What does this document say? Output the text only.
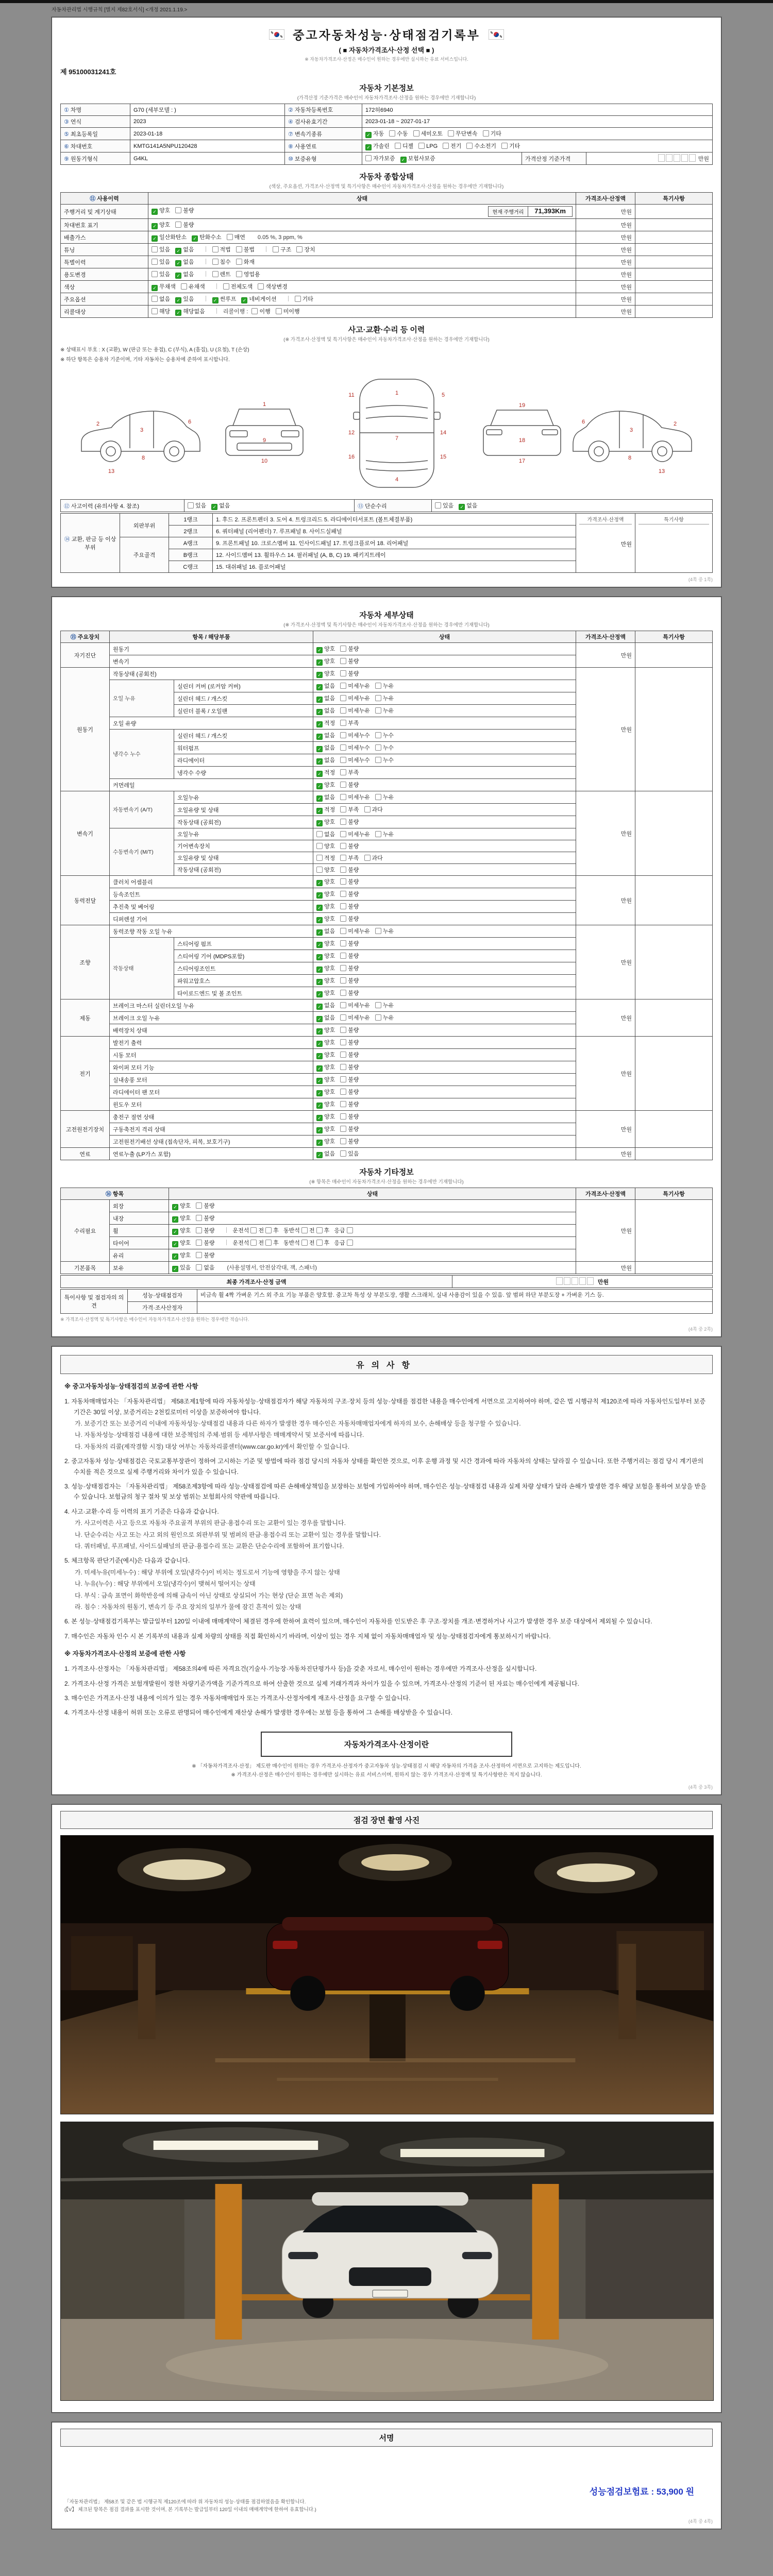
자동차관리법 시행규칙 [별지 제82호서식] <개정 2021.1.19.>
중고자동차성능·상태점검기록부
( ■ 자동차가격조사·산정 선택 ■ )
※ 자동차가격조사·산정은 매수인이 원하는 경우에만 실시하는 유료 서비스입니다.
제 95100031241호
자동차 기본정보
(가격산정 기준가격은 매수인이 자동차가격조사·산정을 원하는 경우에만 기재합니다)
① 차명	G70 (세부모델 : )	② 자동차등록번호	172허6940		
③ 연식	2023	④ 검사유효기간	2023-01-18 ~ 2027-01-17		
⑤ 최초등록일	2023-01-18	⑦ 변속기종류	✓ 자동 수동 세미오토 무단변속 기타		
⑥ 차대번호	KMTG141A5NPU120428	⑧ 사용연료	✓ 가솔린 디젤 LPG 전기 수소전기 기타		
⑨ 원동기형식	G4KL	⑩ 보증유형	자가보증 ✓ 보험사보증	가격산정 기준가격	만원
자동차 종합상태
(색상, 주요옵션, 가격조사·산정액 및 특기사항은 매수인이 자동차가격조사·산정을 원하는 경우에만 기재합니다)
⑪ 사용이력	상태	가격조사·산정액	특기사항
주행거리 및 계기상태	✓ 양호 불량 현재 주행거리 71,393Km	만원	
차대번호 표기	✓ 양호 불량	만원	
배출가스	✓ 일산화탄소 ✓ 탄화수소 매연 0.05 %, 3 ppm, %	만원	
튜닝	있음 ✓ 없음 적법 불법 구조 장치	만원	
특별이력	있음 ✓ 없음 침수 화재	만원	
용도변경	있음 ✓ 없음 렌트 영업용	만원	
색상	✓ 무채색 유채색 전체도색 색상변경	만원	
주요옵션	없음 ✓ 있음 ✓ 썬루프 ✓ 네비게이션 기타	만원	
리콜대상	해당 ✓ 해당없음 리콜이행 : 이행 미이행	만원	
사고·교환·수리 등 이력
(※ 가격조사·산정액 및 특기사항은 매수인이 자동차가격조사·산정을 원하는 경우에만 기재합니다)
※ 상태표시 부호 : X (교환), W (판금 또는 용접), C (부식), A (흠집), U (요철), T (손상)
※ 하단 항목은 승용차 기준이며, 기타 자동차는 승용차에 준하여 표시합니다.
2
3
6
8
13
1
9
10
1
7
4
11
12
16
5
14
15
19
18
17
2
3
6
8
13
⑫ 사고이력 (유의사항 4. 참조)	있음 ✓ 없음	⑬ 단순수리	있음 ✓ 없음
⑭ 교환, 판금 등 이상 부위	외판부위	1랭크	1. 후드 2. 프론트펜더 3. 도어 4. 트렁크리드 5. 라디에이터서포트 (볼트체결부품)	가격조사·산정액
만원	특기사항

		2랭크	6. 쿼터패널 (리어펜더) 7. 루프패널 8. 사이드실패널		
	주요골격	A랭크	9. 프론트패널 10. 크로스멤버 11. 인사이드패널 17. 트렁크플로어 18. 리어패널		
		B랭크	12. 사이드멤버 13. 휠하우스 14. 필러패널 (A, B, C) 19. 패키지트레이		
		C랭크	15. 대쉬패널 16. 플로어패널		
(4쪽 중 1쪽)
자동차 세부상태
(※ 가격조사·산정액 및 특기사항은 매수인이 자동차가격조사·산정을 원하는 경우에만 기재합니다)
⑮ 주요장치	항목 / 해당부품		상태	가격조사·산정액	특기사항
자기진단	원동기		✓ 양호 불량	만원	
	변속기		✓ 양호 불량		
원동기	작동상태 (공회전)		✓ 양호 불량	만원	
	오일 누유	실린더 커버 (로커암 커버)	✓ 없음 미세누유 누유		
		실린더 헤드 / 개스킷	✓ 없음 미세누유 누유		
		실린더 블록 / 오일팬	✓ 없음 미세누유 누유		
	오일 유량		✓ 적정 부족		
	냉각수 누수	실린더 헤드 / 개스킷	✓ 없음 미세누수 누수		
		워터펌프	✓ 없음 미세누수 누수		
		라디에이터	✓ 없음 미세누수 누수		
		냉각수 수량	✓ 적정 부족		
	커먼레일		✓ 양호 불량		
변속기	자동변속기 (A/T)	오일누유	✓ 없음 미세누유 누유	만원	
		오일유량 및 상태	✓ 적정 부족 과다		
		작동상태 (공회전)	✓ 양호 불량		
	수동변속기 (M/T)	오일누유	없음 미세누유 누유		
		기어변속장치	양호 불량		
		오일유량 및 상태	적정 부족 과다		
		작동상태 (공회전)	양호 불량		
동력전달	클러치 어셈블리		✓ 양호 불량	만원	
	등속조인트		✓ 양호 불량		
	추진축 및 베어링		✓ 양호 불량		
	디퍼렌셜 기어		✓ 양호 불량		
조향	동력조향 작동 오일 누유		✓ 없음 미세누유 누유	만원	
	작동상태	스티어링 펌프	✓ 양호 불량		
		스티어링 기어 (MDPS포함)	✓ 양호 불량		
		스티어링조인트	✓ 양호 불량		
		파워고압호스	✓ 양호 불량		
		타이로드엔드 및 볼 조인트	✓ 양호 불량		
제동	브레이크 마스터 실린더오일 누유		✓ 없음 미세누유 누유	만원	
	브레이크 오일 누유		✓ 없음 미세누유 누유		
	배력장치 상태		✓ 양호 불량		
전기	발전기 출력		✓ 양호 불량	만원	
	시동 모터		✓ 양호 불량		
	와이퍼 모터 기능		✓ 양호 불량		
	실내송풍 모터		✓ 양호 불량		
	라디에이터 팬 모터		✓ 양호 불량		
	윈도우 모터		✓ 양호 불량		
고전원전기장치	충전구 절연 상태		✓ 양호 불량	만원	
	구동축전지 격리 상태		✓ 양호 불량		
	고전원전기배선 상태 (접속단자, 피복, 보호기구)		✓ 양호 불량		
연료	연료누출 (LP가스 포함)		✓ 없음 있음	만원	
자동차 기타정보
(※ 항목은 매수인이 자동차가격조사·산정을 원하는 경우에만 기재합니다)
⑯ 항목		상태	가격조사·산정액	특기사항
수리필요	외장	✓ 양호 불량	만원	
	내장	✓ 양호 불량		
	휠	✓ 양호 불량 운전석 전 후   동반석 전 후   응급		
	타이어	✓ 양호 불량 운전석 전 후   동반석 전 후   응급		
	유리	✓ 양호 불량		
기본품목	보유	✓ 있음 없음 (사용설명서, 안전삼각대, 잭, 스패너)	만원	
최종 가격조사·산정 금액	만원
특이사항 및 점검자의 의견	성능·상태점검자	비금속 휠 4짝 가벼운 기스 외 주요 기능 부품은 양호함. 중고차 특성 상 부분도장, 생활 스크래치, 실내 사용감이 있을 수 있음. 앞 범퍼 하단 부분도장 + 가벼운 기스 등.
	가격·조사산정자	
※ 가격조사·산정액 및 특기사항은 매수인이 자동차가격조사·산정을 원하는 경우에만 적습니다.
(4쪽 중 2쪽)
유의사항
※ 중고자동차성능·상태점검의 보증에 관한 사항
1. 자동차매매업자는 「자동차관리법」 제58조제1항에 따라 자동차성능·상태점검자가 해당 자동차의 구조·장치 등의 성능·상태를 점검한 내용을 매수인에게 서면으로 고지하여야 하며, 같은 법 시행규칙 제120조에 따라 자동차인도일부터 보증기간은 30일 이상, 보증거리는 2천킬로미터 이상을 보증하여야 합니다.
가. 보증기간 또는 보증거리 이내에 자동차성능·상태점검 내용과 다른 하자가 발생한 경우 매수인은 자동차매매업자에게 하자의 보수, 손해배상 등을 청구할 수 있습니다.
나. 자동차성능·상태점검 내용에 대한 보증책임의 주체·범위 등 세부사항은 매매계약서 및 보증서에 따릅니다.
다. 자동차의 리콜(제작결함 시정) 대상 여부는 자동차리콜센터(www.car.go.kr)에서 확인할 수 있습니다.
2. 중고자동차 성능·상태점검은 국토교통부장관이 정하여 고시하는 기준 및 방법에 따라 점검 당시의 자동차 상태를 확인한 것으로, 이후 운행 과정 및 시간 경과에 따라 자동차의 상태는 달라질 수 있습니다. 또한 주행거리는 점검 당시 계기판의 수치를 적은 것으로 실제 주행거리와 차이가 있을 수 있습니다.
3. 성능·상태점검자는 「자동차관리법」 제58조제3항에 따라 성능·상태점검에 따른 손해배상책임을 보장하는 보험에 가입하여야 하며, 매수인은 성능·상태점검 내용과 실제 차량 상태가 달라 손해가 발생한 경우 해당 보험을 통하여 보상을 받을 수 있습니다. 보험금의 청구 절차 및 보상 범위는 보험회사의 약관에 따릅니다.
4. 사고·교환·수리 등 이력의 표기 기준은 다음과 같습니다.
가. 사고이력은 사고 등으로 자동차 주요골격 부위의 판금·용접수리 또는 교환이 있는 경우를 말합니다.
나. 단순수리는 사고 또는 사고 외의 원인으로 외판부위 및 범퍼의 판금·용접수리 또는 교환이 있는 경우를 말합니다.
다. 쿼터패널, 루프패널, 사이드실패널의 판금·용접수리 또는 교환은 단순수리에 포함하여 표기합니다.
5. 체크항목 판단기준(예시)은 다음과 같습니다.
가. 미세누유(미세누수) : 해당 부위에 오일(냉각수)이 비치는 정도로서 기능에 영향을 주지 않는 상태
나. 누유(누수) : 해당 부위에서 오일(냉각수)이 맺혀서 떨어지는 상태
다. 부식 : 금속 표면이 화학반응에 의해 금속이 아닌 상태로 상실되어 가는 현상 (단순 표면 녹은 제외)
라. 침수 : 자동차의 원동기, 변속기 등 주요 장치의 일부가 물에 잠긴 흔적이 있는 상태
6. 본 성능·상태점검기록부는 발급일부터 120일 이내에 매매계약이 체결된 경우에 한하여 효력이 있으며, 매수인이 자동차를 인도받은 후 구조·장치를 개조·변경하거나 사고가 발생한 경우 보증 대상에서 제외될 수 있습니다.
7. 매수인은 자동차 인수 시 본 기록부의 내용과 실제 차량의 상태를 직접 확인하시기 바라며, 이상이 있는 경우 지체 없이 자동차매매업자 및 성능·상태점검자에게 통보하시기 바랍니다.
※ 자동차가격조사·산정의 보증에 관한 사항
1. 가격조사·산정자는 「자동차관리법」 제58조의4에 따른 자격요건(기술사·기능장·자동차진단평가사 등)을 갖춘 자로서, 매수인이 원하는 경우에만 가격조사·산정을 실시합니다.
2. 가격조사·산정 가격은 보험개발원이 정한 차량기준가액을 기준가격으로 하여 산출한 것으로 실제 거래가격과 차이가 있을 수 있으며, 가격조사·산정의 기준이 된 자료는 매수인에게 제공됩니다.
3. 매수인은 가격조사·산정 내용에 이의가 있는 경우 자동차매매업자 또는 가격조사·산정자에게 재조사·산정을 요구할 수 있습니다.
4. 가격조사·산정 내용이 허위 또는 오류로 판명되어 매수인에게 재산상 손해가 발생한 경우에는 보험 등을 통하여 그 손해를 배상받을 수 있습니다.
자동차가격조사·산정이란
※ 「자동차가격조사·산정」 제도란 매수인이 원하는 경우 가격조사·산정자가 중고자동차 성능·상태점검 시 해당 자동차의 가격을 조사·산정하여 서면으로 고지하는 제도입니다.
※ 가격조사·산정은 매수인이 원하는 경우에만 실시하는 유료 서비스이며, 원하지 않는 경우 가격조사·산정액 및 특기사항란은 적지 않습니다.
(4쪽 중 3쪽)
점검 장면 촬영 사진
서명
「자동차관리법」 제58조 및 같은 법 시행규칙 제120조에 따라 위 자동차의 성능·상태를 점검하였음을 확인합니다.
(【V】 체크된 항목은 점검 결과를 표시한 것이며, 본 기록부는 발급일부터 120일 이내의 매매계약에 한하여 유효합니다.)
성능점검보험료 : 53,900 원
(4쪽 중 4쪽)
